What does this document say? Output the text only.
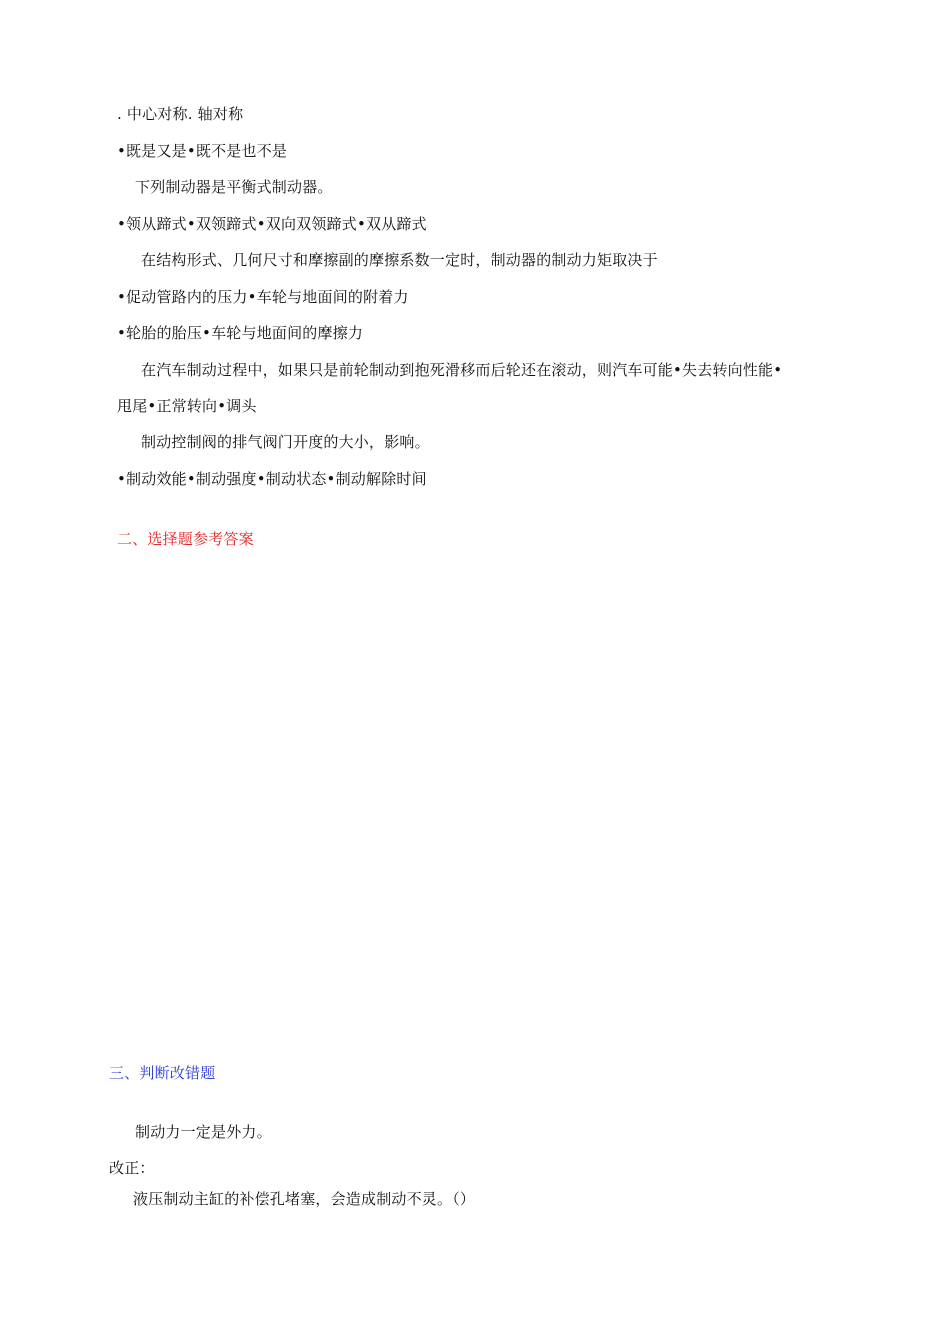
. 中心对称. 轴对称
•既是又是•既不是也不是
下列制动器是平衡式制动器。
•领从蹄式•双领蹄式•双向双领蹄式•双从蹄式
在结构形式、几何尺寸和摩擦副的摩擦系数一定时，制动器的制动力矩取决于
•促动管路内的压力•车轮与地面间的附着力
•轮胎的胎压•车轮与地面间的摩擦力
在汽车制动过程中，如果只是前轮制动到抱死滑移而后轮还在滚动，则汽车可能•失去转向性能•
甩尾•正常转向•调头
制动控制阀的排气阀门开度的大小，影响。
•制动效能•制动强度•制动状态•制动解除时间
二、选择题参考答案
三、判断改错题
制动力一定是外力。
改正：
液压制动主缸的补偿孔堵塞，会造成制动不灵。（）
